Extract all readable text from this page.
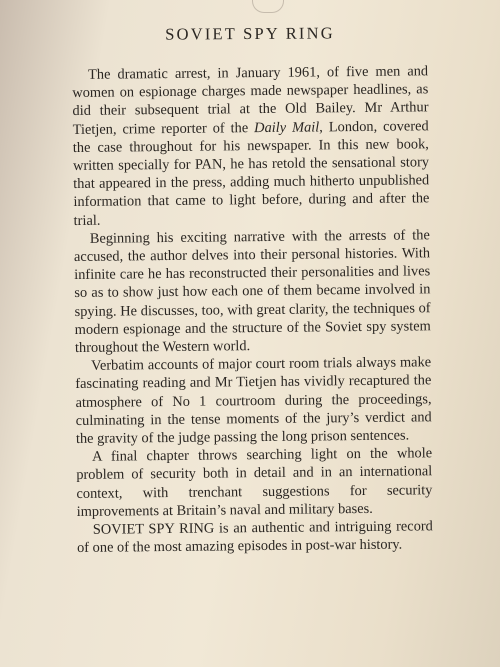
SOVIET SPY RING

The dramatic arrest, in January 1961, of five men and women on espionage charges made newspaper headlines, as did their subsequent trial at the Old Bailey. Mr Arthur Tietjen, crime reporter of the Daily Mail, London, covered the case throughout for his newspaper. In this new book, written specially for PAN, he has retold the sensational story that appeared in the press, adding much hitherto unpublished information that came to light before, during and after the trial.

Beginning his exciting narrative with the arrests of the accused, the author delves into their personal histories. With infinite care he has reconstructed their personalities and lives so as to show just how each one of them became involved in spying. He discusses, too, with great clarity, the techniques of modern espionage and the structure of the Soviet spy system throughout the Western world.

Verbatim accounts of major court room trials always make fascinating reading and Mr Tietjen has vividly recaptured the atmosphere of No 1 courtroom during the proceedings, culminating in the tense moments of the jury’s verdict and the gravity of the judge passing the long prison sentences.

A final chapter throws searching light on the whole problem of security both in detail and in an international context, with trenchant suggestions for security improvements at Britain’s naval and military bases.

SOVIET SPY RING is an authentic and intriguing record of one of the most amazing episodes in post-war history.
